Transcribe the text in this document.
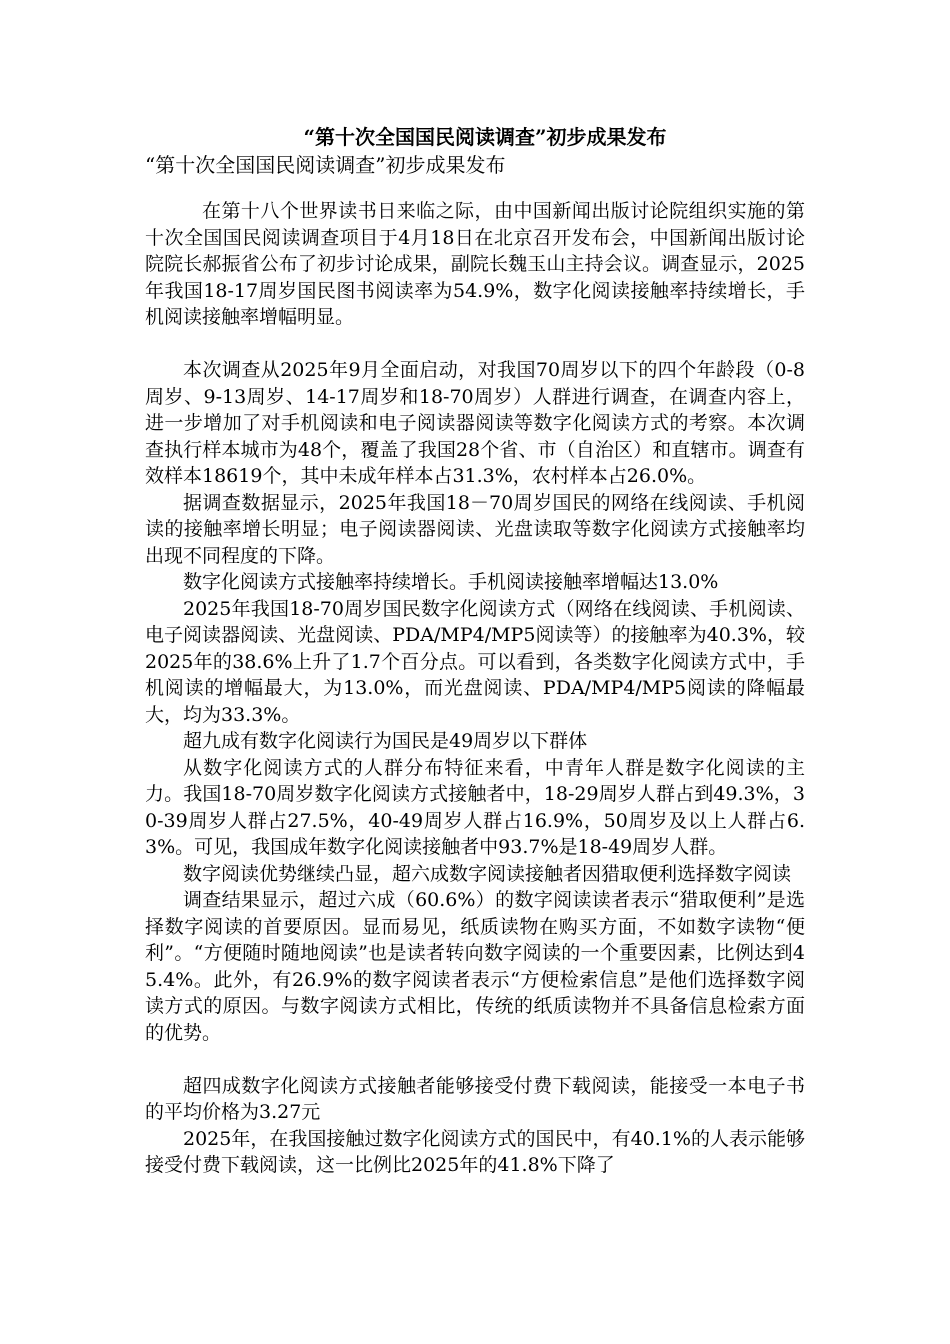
“第十次全国国民阅读调查”初步成果发布
“第十次全国国民阅读调查”初步成果发布

在第十八个世界读书日来临之际，由中国新闻出版讨论院组织实施的第十次全国国民阅读调查项目于4月18日在北京召开发布会，中国新闻出版讨论院院长郝振省公布了初步讨论成果，副院长魏玉山主持会议。调查显示，2025年我国18-17周岁国民图书阅读率为54.9%，数字化阅读接触率持续增长，手机阅读接触率增幅明显。

本次调查从2025年9月全面启动，对我国70周岁以下的四个年龄段（0-8周岁、9-13周岁、14-17周岁和18-70周岁）人群进行调查，在调查内容上，进一步增加了对手机阅读和电子阅读器阅读等数字化阅读方式的考察。本次调查执行样本城市为48个，覆盖了我国28个省、市（自治区）和直辖市。调查有效样本18619个，其中未成年样本占31.3%，农村样本占26.0%。

据调查数据显示，2025年我国18－70周岁国民的网络在线阅读、手机阅读的接触率增长明显；电子阅读器阅读、光盘读取等数字化阅读方式接触率均出现不同程度的下降。

数字化阅读方式接触率持续增长。手机阅读接触率增幅达13.0%

2025年我国18-70周岁国民数字化阅读方式（网络在线阅读、手机阅读、电子阅读器阅读、光盘阅读、PDA/MP4/MP5阅读等）的接触率为40.3%，较2025年的38.6%上升了1.7个百分点。可以看到，各类数字化阅读方式中，手机阅读的增幅最大，为13.0%，而光盘阅读、PDA/MP4/MP5阅读的降幅最大，均为33.3%。

超九成有数字化阅读行为国民是49周岁以下群体

从数字化阅读方式的人群分布特征来看，中青年人群是数字化阅读的主力。我国18-70周岁数字化阅读方式接触者中，18-29周岁人群占到49.3%，30-39周岁人群占27.5%，40-49周岁人群占16.9%，50周岁及以上人群占6.3%。可见，我国成年数字化阅读接触者中93.7%是18-49周岁人群。

数字阅读优势继续凸显，超六成数字阅读接触者因猎取便利选择数字阅读

调查结果显示，超过六成（60.6%）的数字阅读读者表示“猎取便利”是选择数字阅读的首要原因。显而易见，纸质读物在购买方面，不如数字读物“便利”。“方便随时随地阅读”也是读者转向数字阅读的一个重要因素，比例达到45.4%。此外，有26.9%的数字阅读者表示“方便检索信息”是他们选择数字阅读方式的原因。与数字阅读方式相比，传统的纸质读物并不具备信息检索方面的优势。

超四成数字化阅读方式接触者能够接受付费下载阅读，能接受一本电子书的平均价格为3.27元

2025年，在我国接触过数字化阅读方式的国民中，有40.1%的人表示能够接受付费下载阅读，这一比例比2025年的41.8%下降了
